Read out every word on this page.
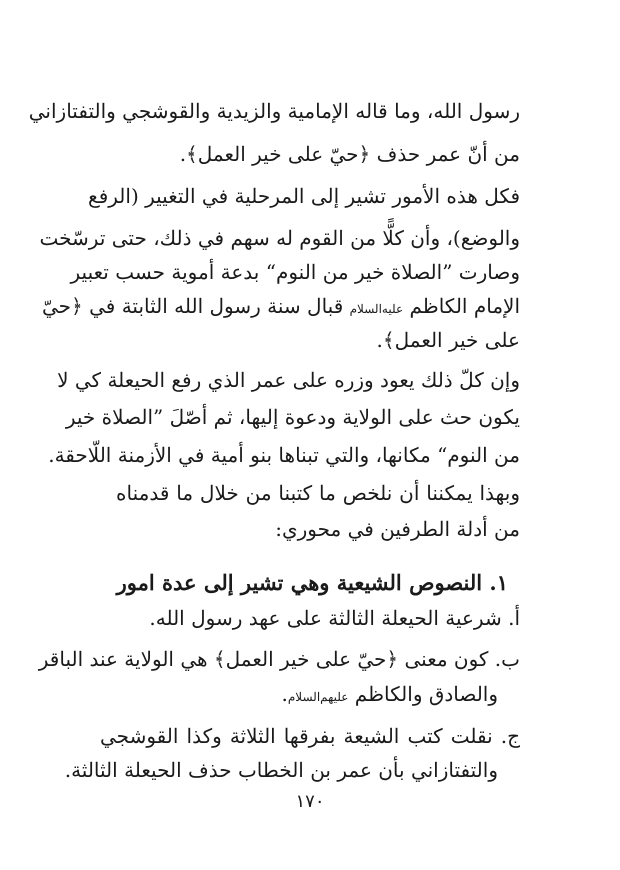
رسول الله، وما قاله الإمامية والزيدية والقوشجي والتفتازاني
من أنّ عمر حذف ﴿حيّ على خير العمل﴾.
فكل هذه الأمور تشير إلى المرحلية في التغيير (الرفع
والوضع)، وأن كلًّا من القوم له سهم في ذلك، حتى ترسّخت
وصارت ”الصلاة خير من النوم“ بدعة أموية حسب تعبير
الإمام الكاظم عليه‌السلام قبال سنة رسول الله الثابتة في ﴿حيّ
على خير العمل﴾.
وإن كلّ ذلك يعود وزره على عمر الذي رفع الحيعلة كي لا
يكون حث على الولاية ودعوة إليها، ثم أصّلَ ”الصلاة خير
من النوم“ مكانها، والتي تبناها بنو أمية في الأزمنة اللّاحقة.
وبهذا يمكننا أن نلخص ما كتبنا من خلال ما قدمناه
من أدلة الطرفين في محوري:
١. النصوص الشيعية وهي تشير إلى عدة امور
أ. شرعية الحيعلة الثالثة على عهد رسول الله.
ب. كون معنى ﴿حيّ على خير العمل﴾ هي الولاية عند الباقر
والصادق والكاظم عليهم‌السلام.
ج. نقلت كتب الشيعة بفرقها الثلاثة وكذا القوشجي
والتفتازاني بأن عمر بن الخطاب حذف الحيعلة الثالثة.
١٧٠
